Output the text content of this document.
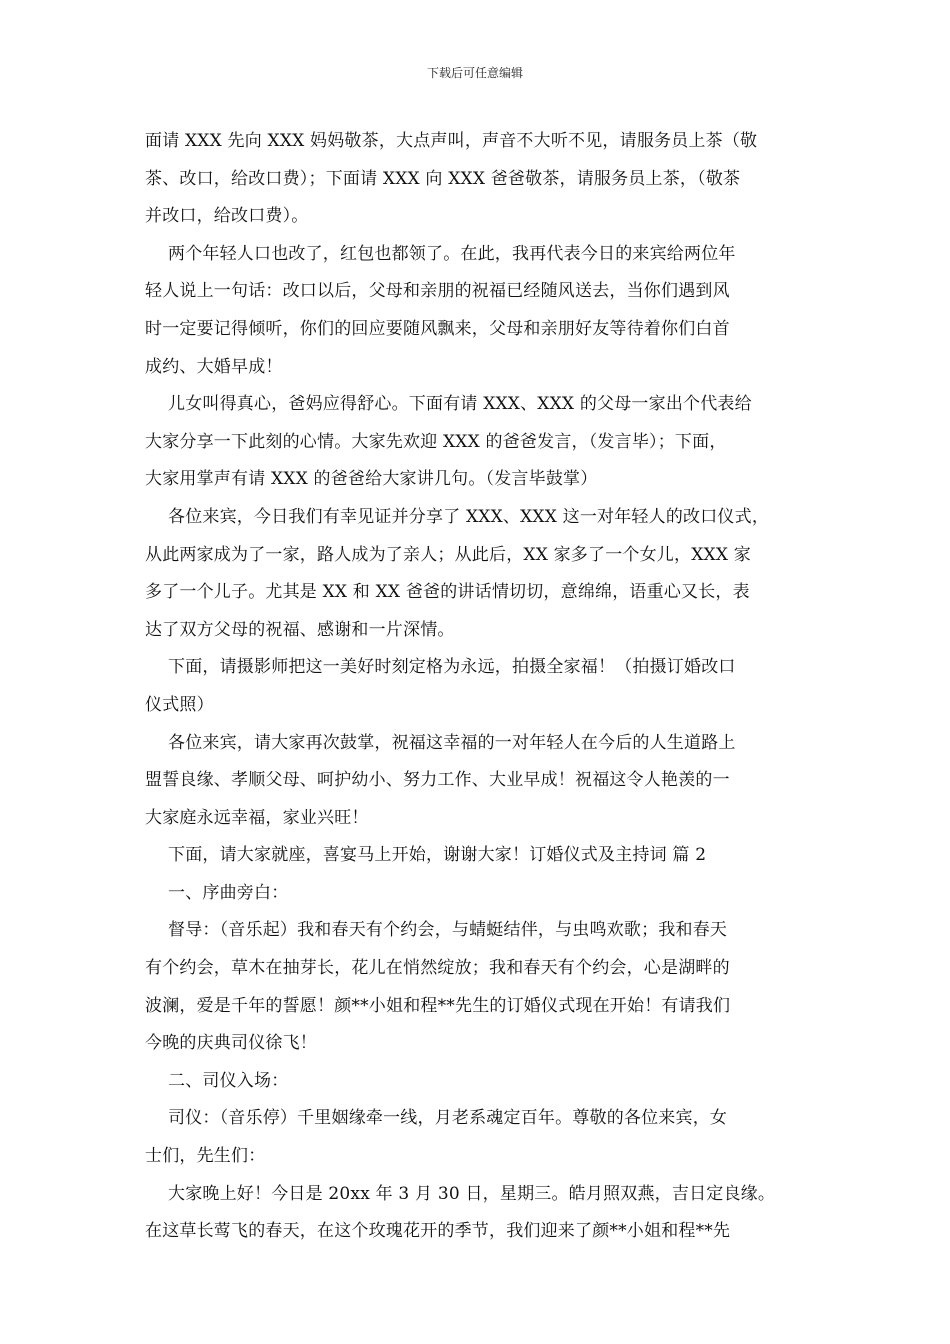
下载后可任意编辑
面请 XXX 先向 XXX 妈妈敬茶，大点声叫，声音不大听不见，请服务员上茶（敬
茶、改口，给改口费）；下面请 XXX 向 XXX 爸爸敬茶，请服务员上茶，（敬茶
并改口，给改口费）。
两个年轻人口也改了，红包也都领了。在此，我再代表今日的来宾给两位年
轻人说上一句话：改口以后，父母和亲朋的祝福已经随风送去，当你们遇到风
时一定要记得倾听，你们的回应要随风飘来，父母和亲朋好友等待着你们白首
成约、大婚早成！
儿女叫得真心，爸妈应得舒心。下面有请 XXX、XXX 的父母一家出个代表给
大家分享一下此刻的心情。大家先欢迎 XXX 的爸爸发言，（发言毕）；下面，
大家用掌声有请 XXX 的爸爸给大家讲几句。（发言毕鼓掌）
各位来宾，今日我们有幸见证并分享了 XXX、XXX 这一对年轻人的改口仪式，
从此两家成为了一家，路人成为了亲人；从此后，XX 家多了一个女儿，XXX 家
多了一个儿子。尤其是 XX 和 XX 爸爸的讲话情切切，意绵绵，语重心又长，表
达了双方父母的祝福、感谢和一片深情。
下面，请摄影师把这一美好时刻定格为永远，拍摄全家福！（拍摄订婚改口
仪式照）
各位来宾，请大家再次鼓掌，祝福这幸福的一对年轻人在今后的人生道路上
盟誓良缘、孝顺父母、呵护幼小、努力工作、大业早成！祝福这令人艳羡的一
大家庭永远幸福，家业兴旺！
下面，请大家就座，喜宴马上开始，谢谢大家！订婚仪式及主持词 篇 2
一、序曲旁白：
督导：（音乐起）我和春天有个约会，与蜻蜓结伴，与虫鸣欢歌；我和春天
有个约会，草木在抽芽长，花儿在悄然绽放；我和春天有个约会，心是湖畔的
波澜，爱是千年的誓愿！颜**小姐和程**先生的订婚仪式现在开始！有请我们
今晚的庆典司仪徐飞！
二、司仪入场：
司仪：（音乐停）千里姻缘牵一线，月老系魂定百年。尊敬的各位来宾，女
士们，先生们：
大家晚上好！今日是 20xx 年 3 月 30 日，星期三。皓月照双燕，吉日定良缘。
在这草长莺飞的春天，在这个玫瑰花开的季节，我们迎来了颜**小姐和程**先
